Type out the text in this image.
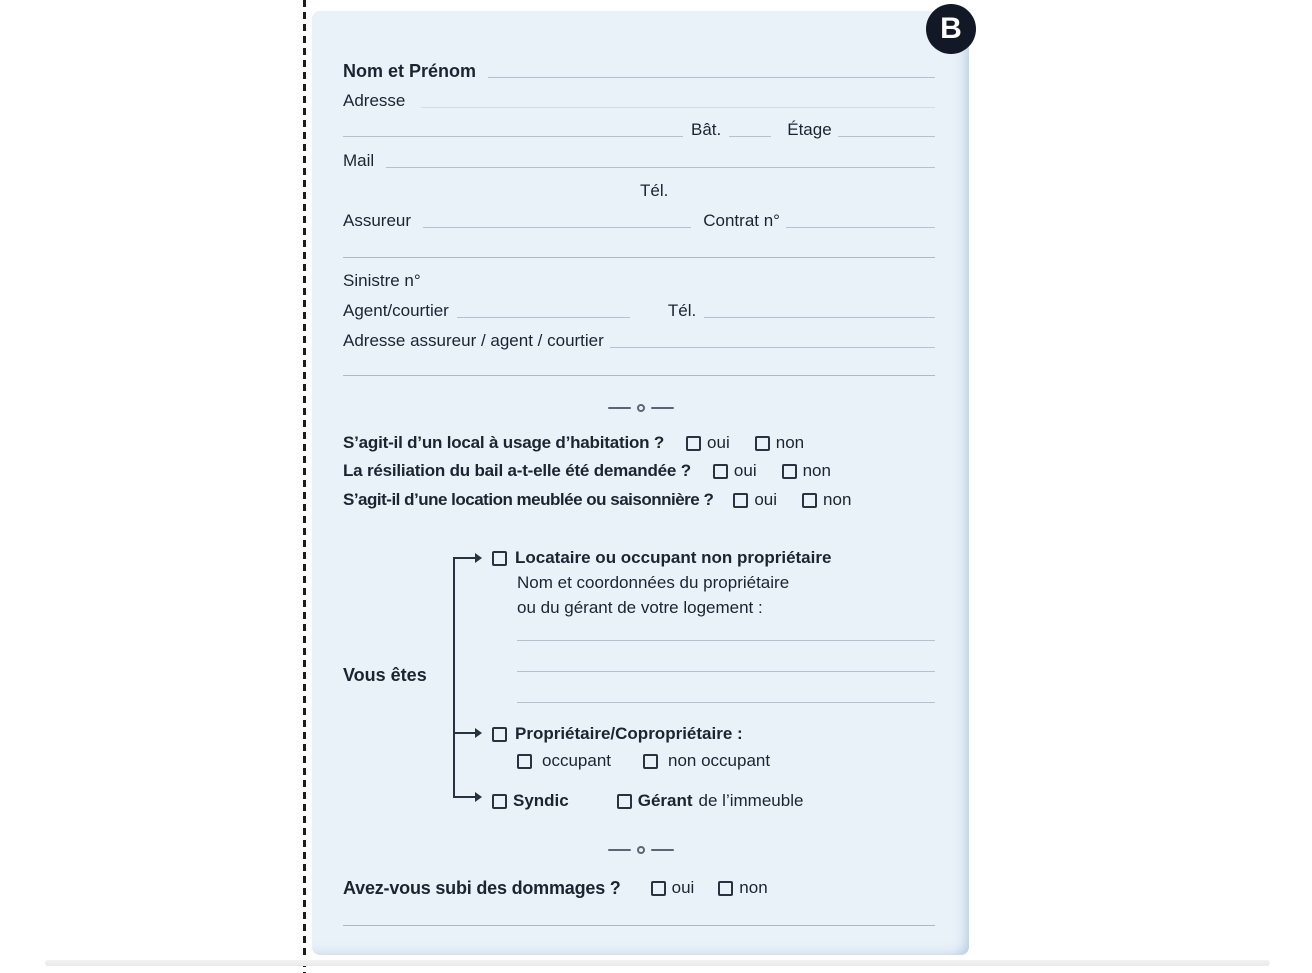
Nom et Prénom
Adresse
Bât.	Étage
Mail
Tél.
Assureur	Contrat n°
Sinistre n°
Agent/courtier	Tél.
Adresse assureur / agent / courtier
S’agit-il d’un local à usage d’habitation ?	oui	non
La résiliation du bail a-t-elle été demandée ?	oui	non
S’agit-il d’une location meublée ou saisonnière ? oui	non
Vous êtes
Locataire ou occupant non propriétaire
Nom et coordonnées du propriétaire
ou du gérant de votre logement :
Propriétaire/Copropriétaire :
occupant	non occupant
Syndic	Gérant de l’immeuble
Avez-vous subi des dommages ?	oui	non
B
